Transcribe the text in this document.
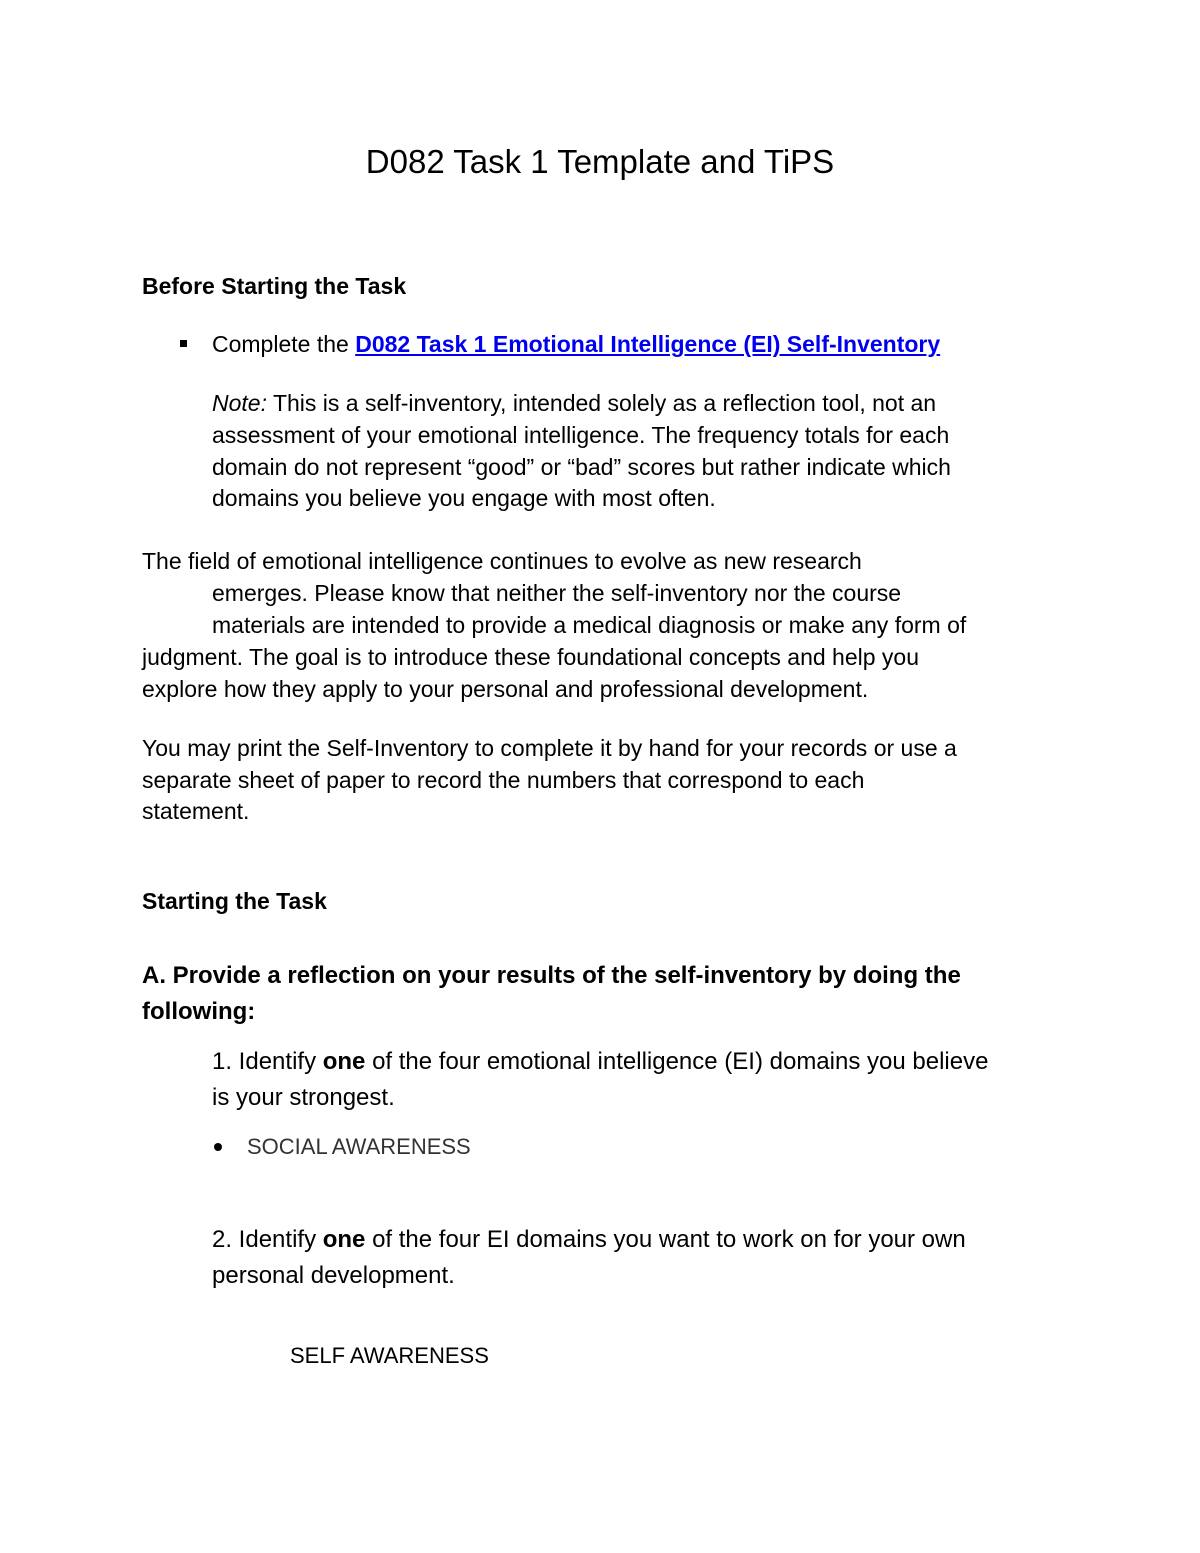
D082 Task 1 Template and TiPS
Before Starting the Task
Complete the D082 Task 1 Emotional Intelligence (EI) Self-Inventory
Note: This is a self-inventory, intended solely as a reflection tool, not an
assessment of your emotional intelligence. The frequency totals for each
domain do not represent “good” or “bad” scores but rather indicate which
domains you believe you engage with most often.
The field of emotional intelligence continues to evolve as new research
emerges. Please know that neither the self-inventory nor the course
materials are intended to provide a medical diagnosis or make any form of
judgment. The goal is to introduce these foundational concepts and help you
explore how they apply to your personal and professional development.
You may print the Self-Inventory to complete it by hand for your records or use a
separate sheet of paper to record the numbers that correspond to each
statement.
Starting the Task
A. Provide a reflection on your results of the self-inventory by doing the
following:
1. Identify one of the four emotional intelligence (EI) domains you believe
is your strongest.
SOCIAL AWARENESS
2. Identify one of the four EI domains you want to work on for your own
personal development.
SELF AWARENESS
